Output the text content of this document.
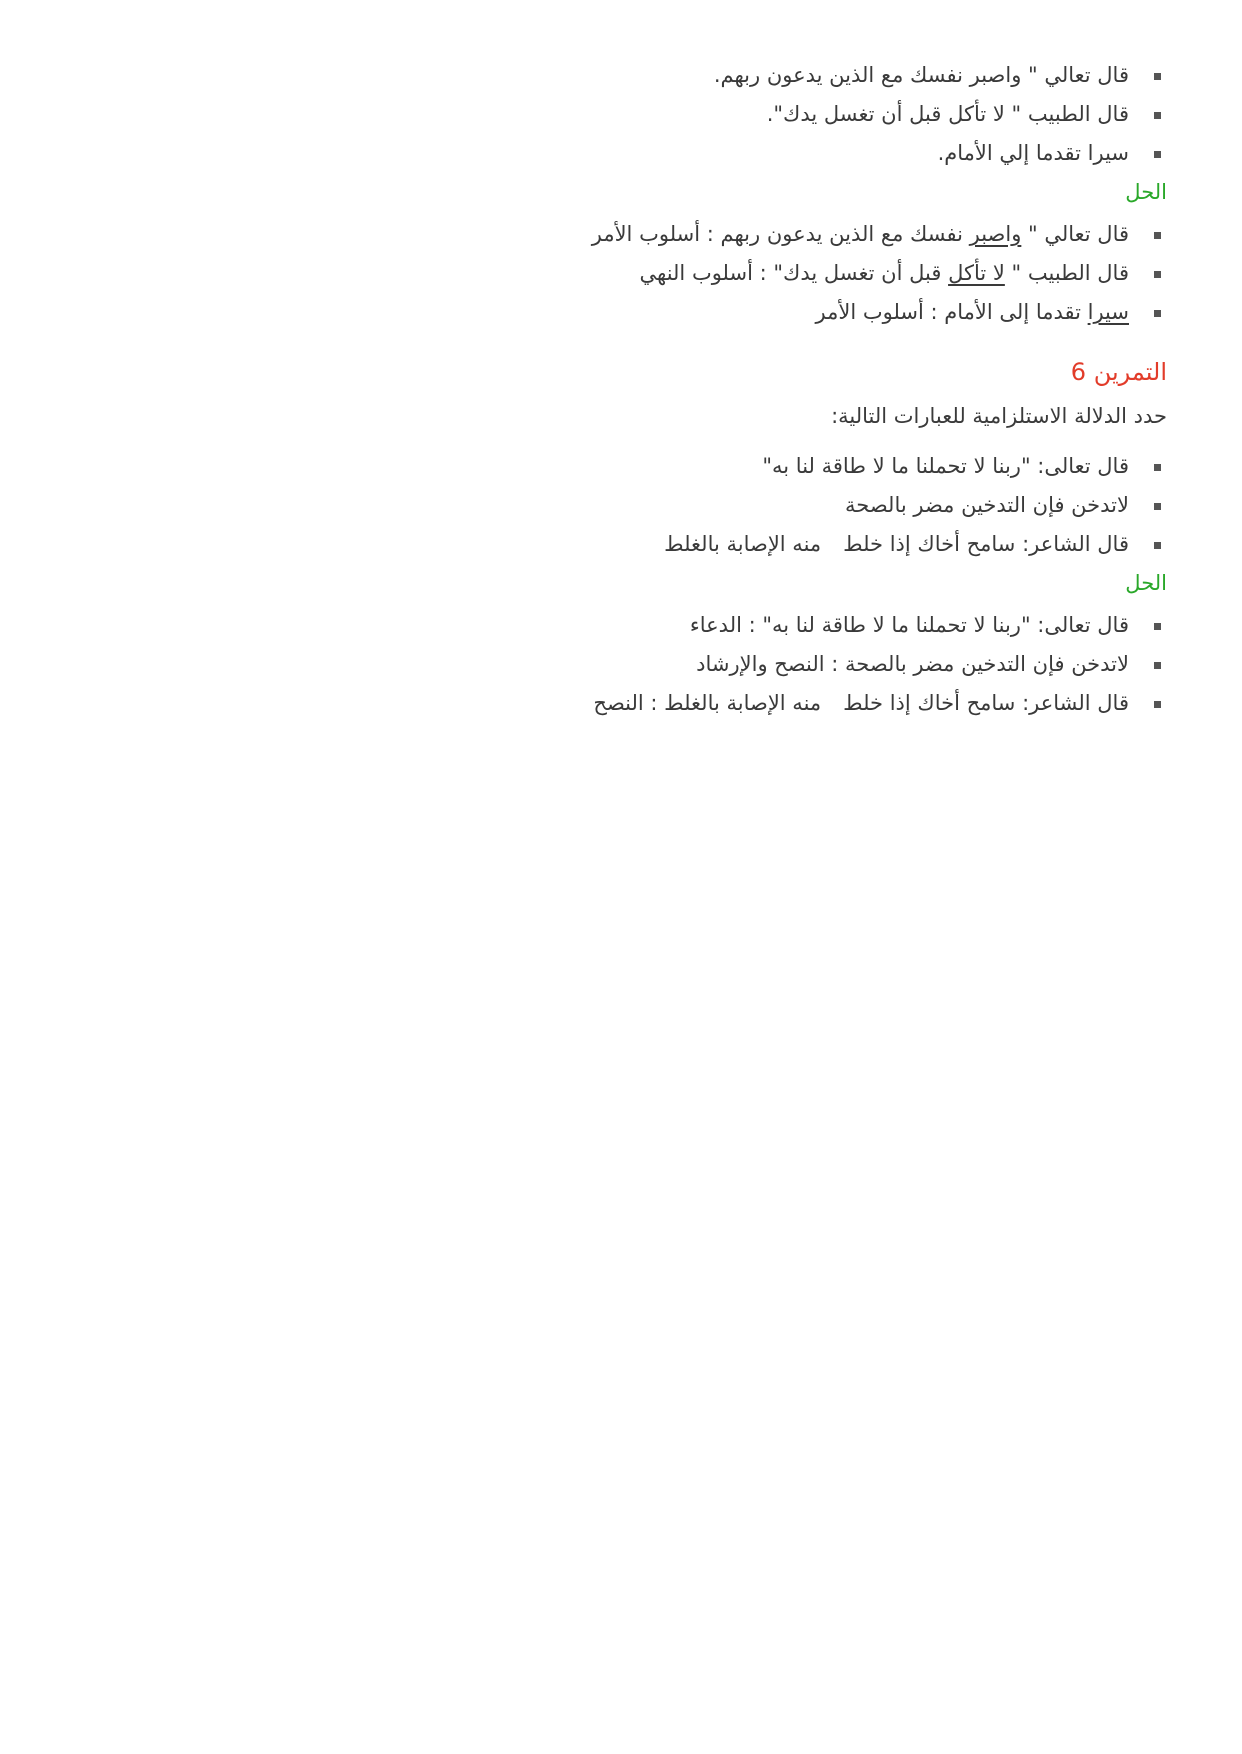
قال تعالي " واصبر نفسك مع الذين يدعون ربهم.
قال الطبيب " لا تأكل قبل أن تغسل يدك".
سيرا تقدما إلي الأمام.
الحل
قال تعالي " واصبر نفسك مع الذين يدعون ربهم : أسلوب الأمر
قال الطبيب " لا تأكل قبل أن تغسل يدك" : أسلوب النهي
سيرا تقدما إلى الأمام : أسلوب الأمر
التمرين 6
حدد الدلالة الاستلزامية للعبارات التالية:
قال تعالى: "ربنا لا تحملنا ما لا طاقة لنا به"
لاتدخن فإن التدخين مضر بالصحة
قال الشاعر: سامح أخاك إذا خلطمنه الإصابة بالغلط
الحل
قال تعالى: "ربنا لا تحملنا ما لا طاقة لنا به" : الدعاء
لاتدخن فإن التدخين مضر بالصحة : النصح والإرشاد
قال الشاعر: سامح أخاك إذا خلطمنه الإصابة بالغلط : النصح
